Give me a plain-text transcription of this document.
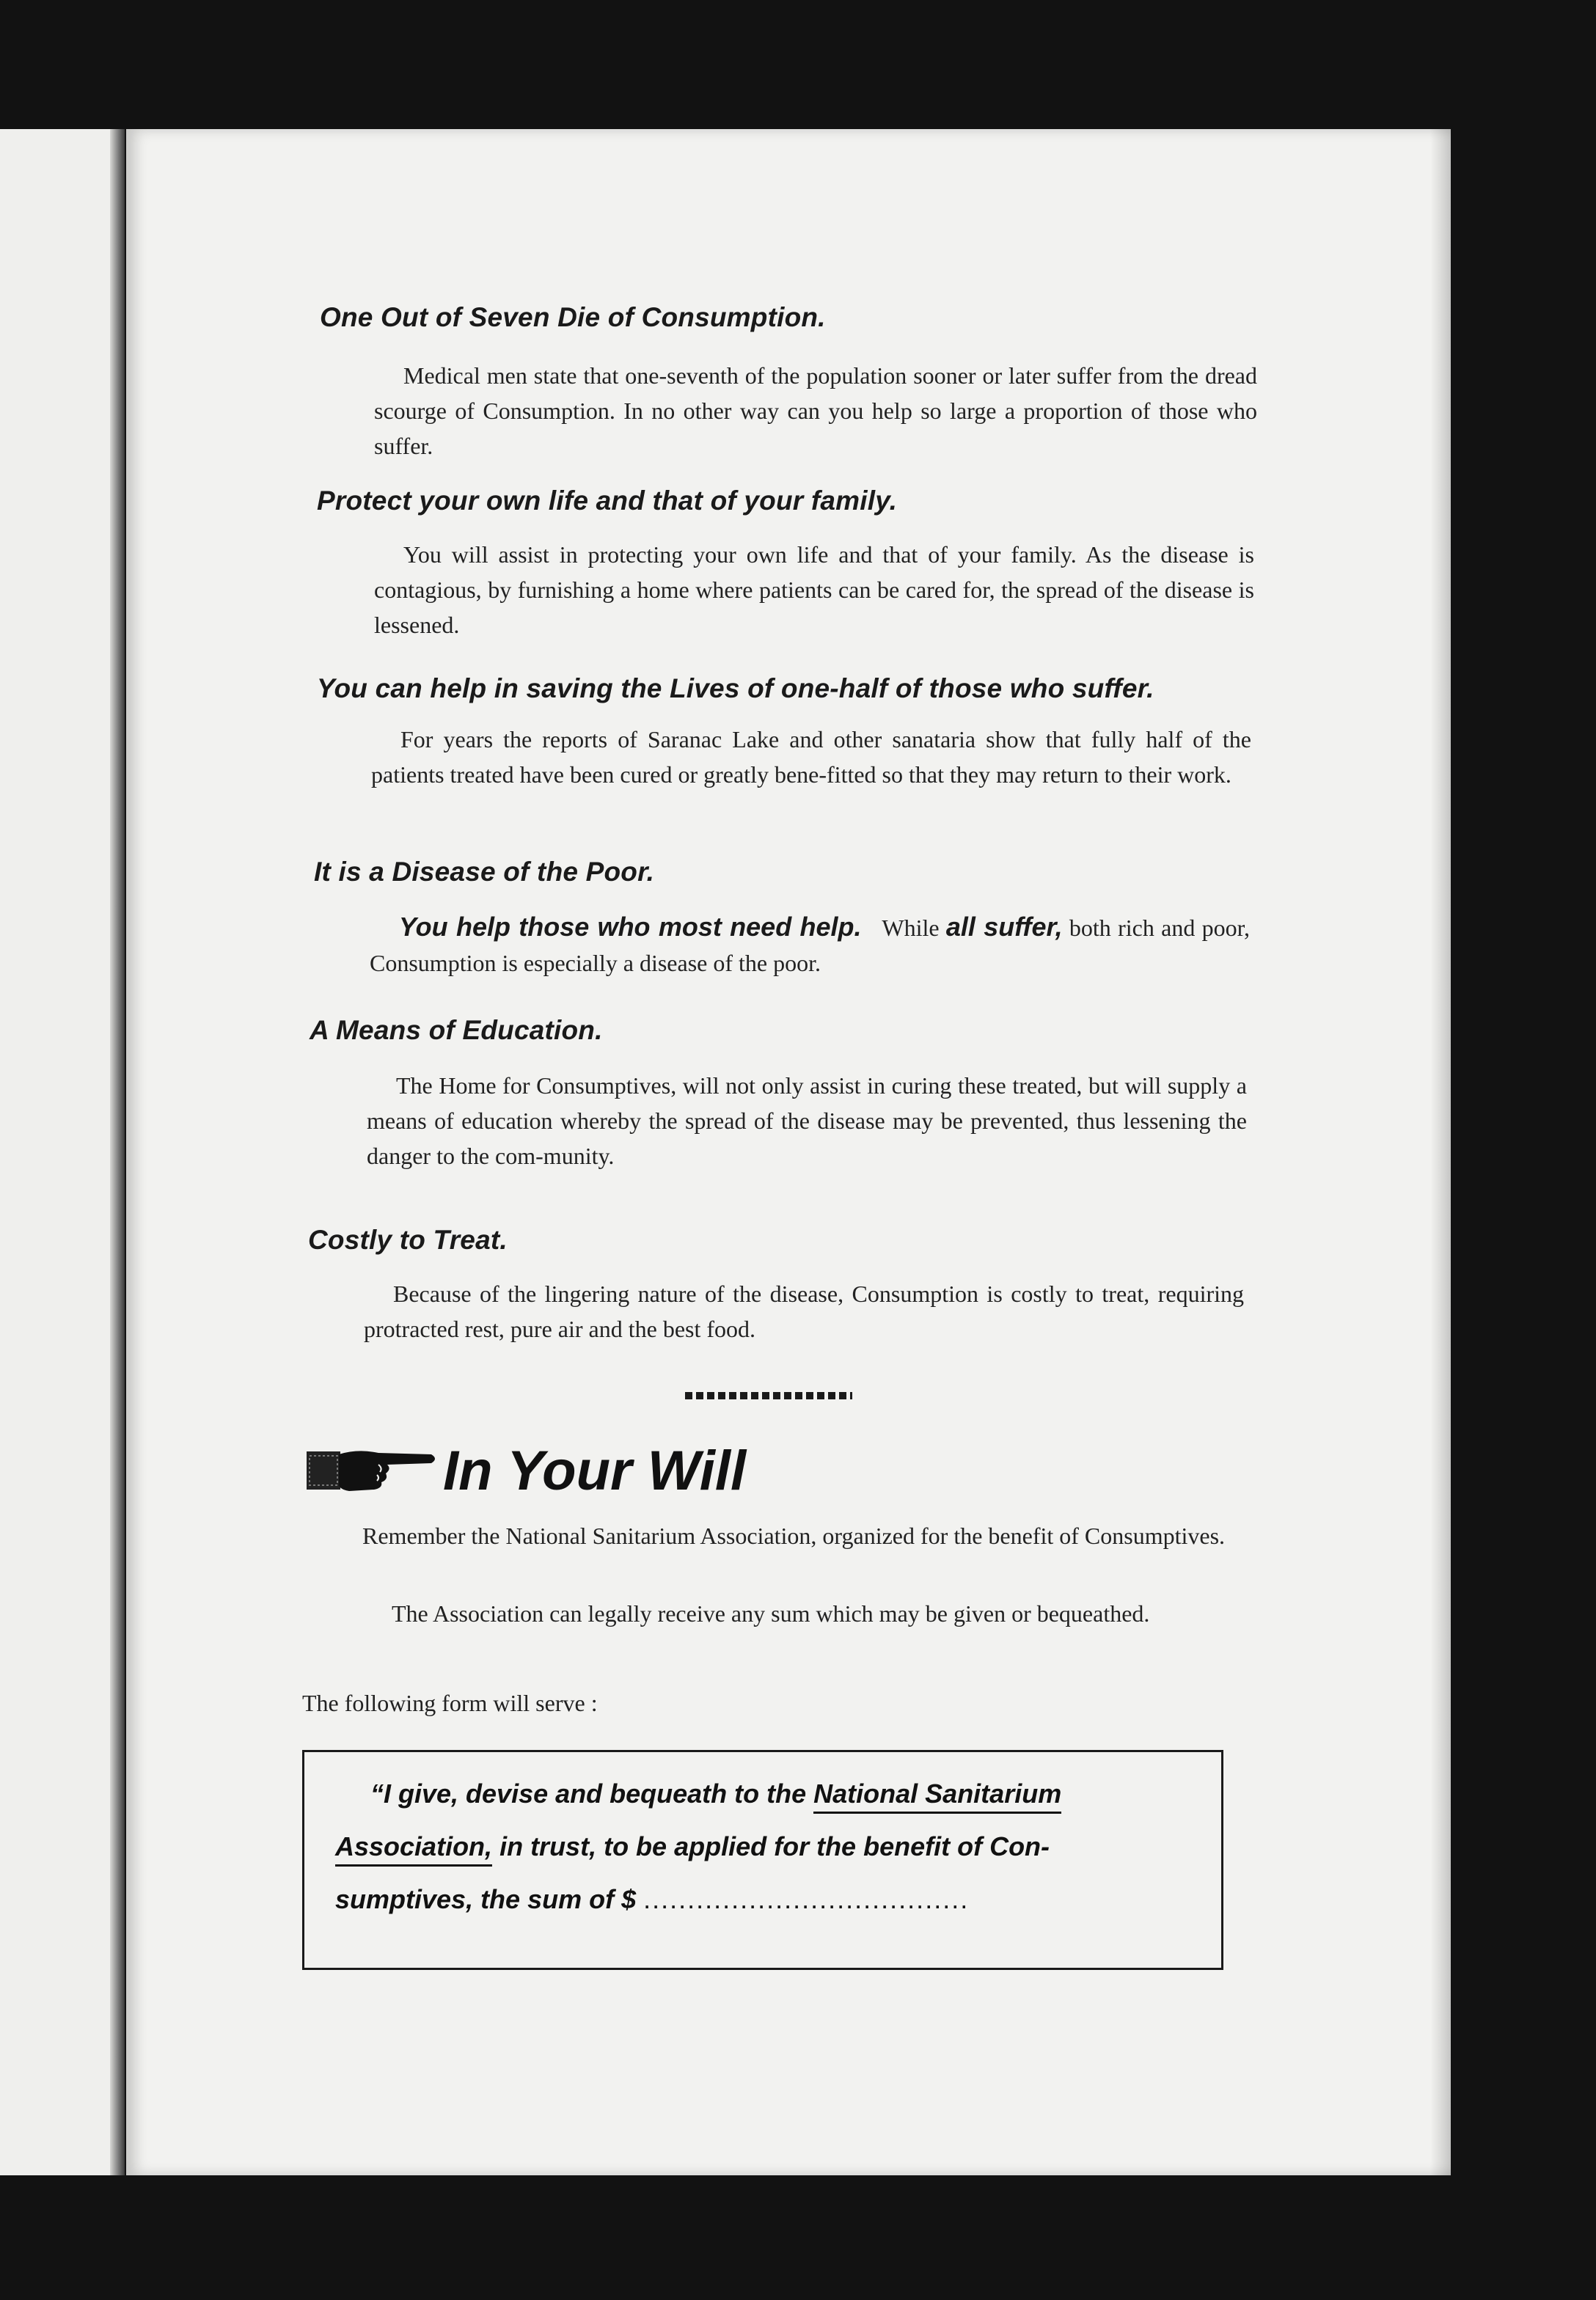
One Out of Seven Die of Consumption.

Medical men state that one-seventh of the population sooner or later suffer from the dread scourge of Consumption. In no other way can you help so large a proportion of those who suffer.

Protect your own life and that of your family.

You will assist in protecting your own life and that of your family. As the disease is contagious, by furnishing a home where patients can be cared for, the spread of the disease is lessened.

You can help in saving the Lives of one-half of those who suffer.

For years the reports of Saranac Lake and other sanataria show that fully half of the patients treated have been cured or greatly bene-fitted so that they may return to their work.

It is a Disease of the Poor.
You help those who most need help. While all suffer, both rich and poor, Consumption is especially a disease of the poor.
A Means of Education.

The Home for Consumptives, will not only assist in curing these treated, but will supply a means of education whereby the spread of the disease may be prevented, thus lessening the danger to the com-munity.

Costly to Treat.

Because of the lingering nature of the disease, Consumption is costly to treat, requiring protracted rest, pure air and the best food.

In Your Will

Remember the National Sanitarium Association, organized for the benefit of Consumptives.

The Association can legally receive any sum which may be given or bequeathed.

The following form will serve :

“I give, devise and bequeath to the National Sanitarium
Association, in trust, to be applied for the benefit of Con-
sumptives, the sum of $ .....................................
